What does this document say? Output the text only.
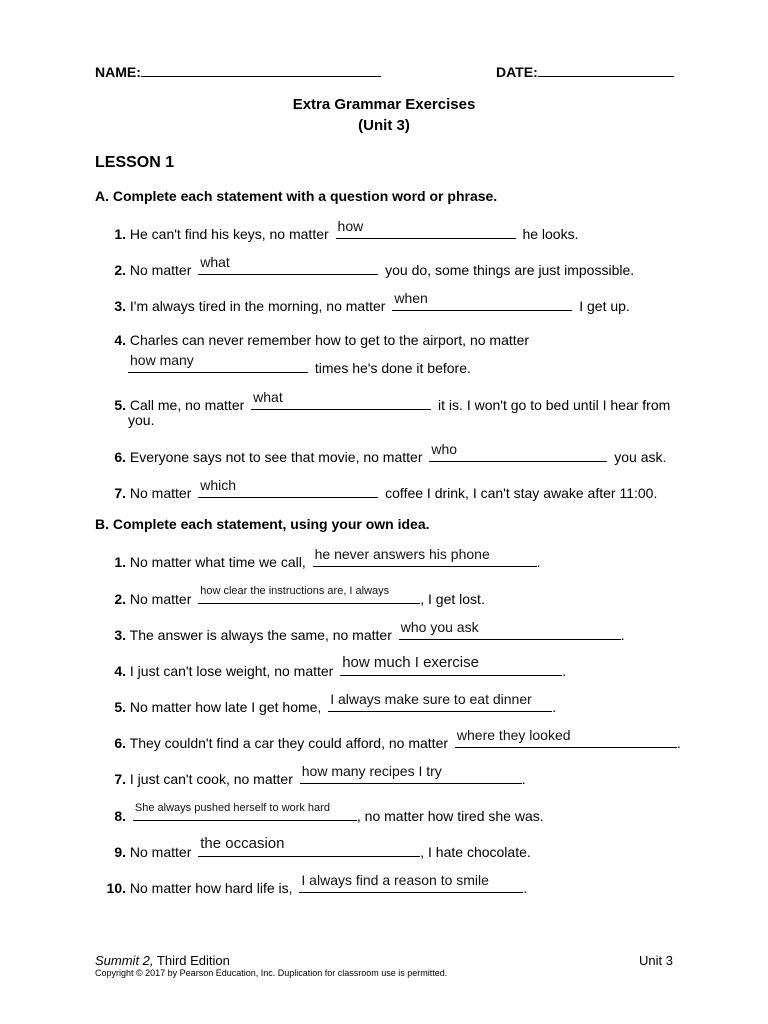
NAME:	DATE:
Extra Grammar Exercises
(Unit 3)
LESSON 1
A. Complete each statement with a question word or phrase.
1. He can't find his keys, no matter how	he looks.
2. No matter what	you do, some things are just impossible.
3. I'm always tired in the morning, no matter when	I get up.
4. Charles can never remember how to get to the airport, no matter
how many	times he's done it before.
5. Call me, no matter what	it is. I won't go to bed until I hear from
you.
6. Everyone says not to see that movie, no matter who	you ask.
7. No matter which	coffee I drink, I can't stay awake after 11:00.
B. Complete each statement, using your own idea.
1. No matter what time we call, he never answers his phone	.
2. No matter how clear the instructions are, I always , I get lost.
3. The answer is always the same, no matter who you ask	.
4. I just can't lose weight, no matter how much I exercise	.
5. No matter how late I get home, I always make sure to eat dinner .
6. They couldn't find a car they could afford, no matter where they looked	.
7. I just can't cook, no matter how many recipes I try	.
8. She always pushed herself to work hard , no matter how tired she was.
9. No matter the occasion	, I hate chocolate.
10. No matter how hard life is, I always find a reason to smile .
Summit 2, Third Edition	Unit 3
Copyright © 2017 by Pearson Education, Inc. Duplication for classroom use is permitted.
